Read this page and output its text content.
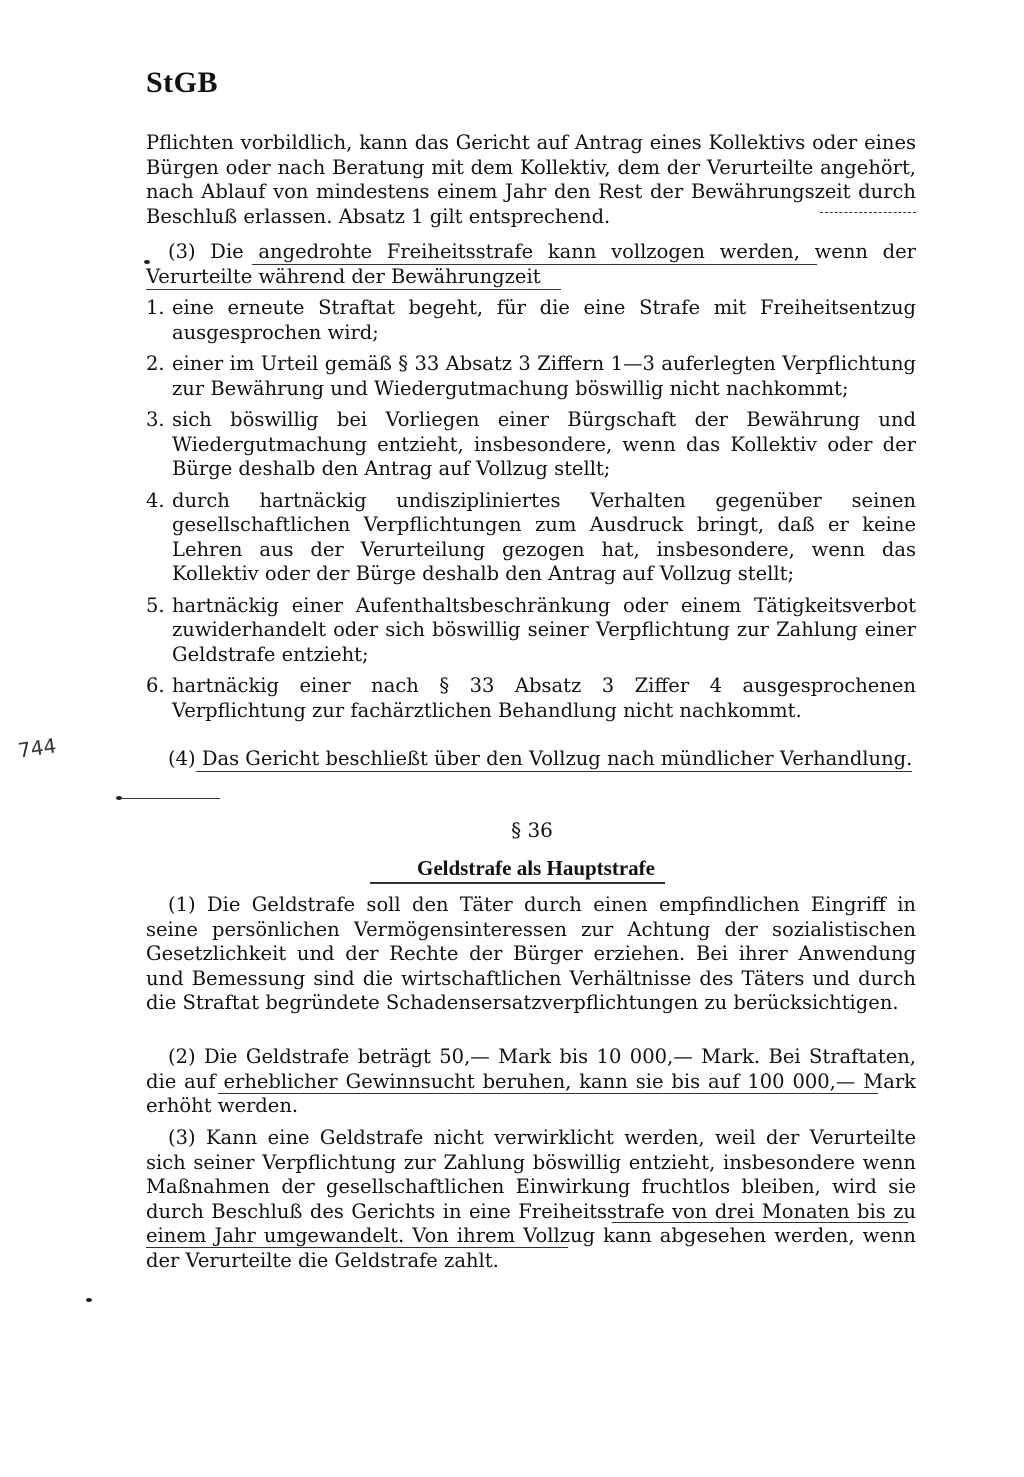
StGB
Pflichten vorbildlich, kann das Gericht auf Antrag eines Kollektivs oder eines Bürgen oder nach Beratung mit dem Kollektiv, dem der Verurteilte angehört, nach Ablauf von mindestens einem Jahr den Rest der Bewährungszeit durch Beschluß erlassen. Absatz 1 gilt entsprechend.
(3) Die angedrohte Freiheitsstrafe kann vollzogen werden, wenn der Verurteilte während der Bewährungzeit
1. eine erneute Straftat begeht, für die eine Strafe mit Freiheitsentzug ausgesprochen wird;
2. einer im Urteil gemäß § 33 Absatz 3 Ziffern 1—3 auferlegten Verpflichtung zur Bewährung und Wiedergutmachung böswillig nicht nachkommt;
3. sich böswillig bei Vorliegen einer Bürgschaft der Bewährung und Wiedergutmachung entzieht, insbesondere, wenn das Kollektiv oder der Bürge deshalb den Antrag auf Vollzug stellt;
4. durch hartnäckig undiszipliniertes Verhalten gegenüber seinen gesellschaftlichen Verpflichtungen zum Ausdruck bringt, daß er keine Lehren aus der Verurteilung gezogen hat, insbesondere, wenn das Kollektiv oder der Bürge deshalb den Antrag auf Vollzug stellt;
5. hartnäckig einer Aufenthaltsbeschränkung oder einem Tätigkeitsverbot zuwiderhandelt oder sich böswillig seiner Verpflichtung zur Zahlung einer Geldstrafe entzieht;
6. hartnäckig einer nach § 33 Absatz 3 Ziffer 4 ausgesprochenen Verpflichtung zur fachärztlichen Behandlung nicht nachkommt.
(4) Das Gericht beschließt über den Vollzug nach mündlicher Verhandlung.
744
§ 36
Geldstrafe als Hauptstrafe
(1) Die Geldstrafe soll den Täter durch einen empfindlichen Eingriff in seine persönlichen Vermögensinteressen zur Achtung der sozialistischen Gesetzlichkeit und der Rechte der Bürger erziehen. Bei ihrer Anwendung und Bemessung sind die wirtschaftlichen Verhältnisse des Täters und durch die Straftat begründete Schadensersatzverpflichtungen zu berücksichtigen.
(2) Die Geldstrafe beträgt 50,— Mark bis 10 000,— Mark. Bei Straftaten, die auf erheblicher Gewinnsucht beruhen, kann sie bis auf 100 000,— Mark erhöht werden.
(3) Kann eine Geldstrafe nicht verwirklicht werden, weil der Verurteilte sich seiner Verpflichtung zur Zahlung böswillig entzieht, insbesondere wenn Maßnahmen der gesellschaftlichen Einwirkung fruchtlos bleiben, wird sie durch Beschluß des Gerichts in eine Freiheitsstrafe von drei Monaten bis zu einem Jahr umgewandelt. Von ihrem Vollzug kann abgesehen werden, wenn der Verurteilte die Geldstrafe zahlt.
